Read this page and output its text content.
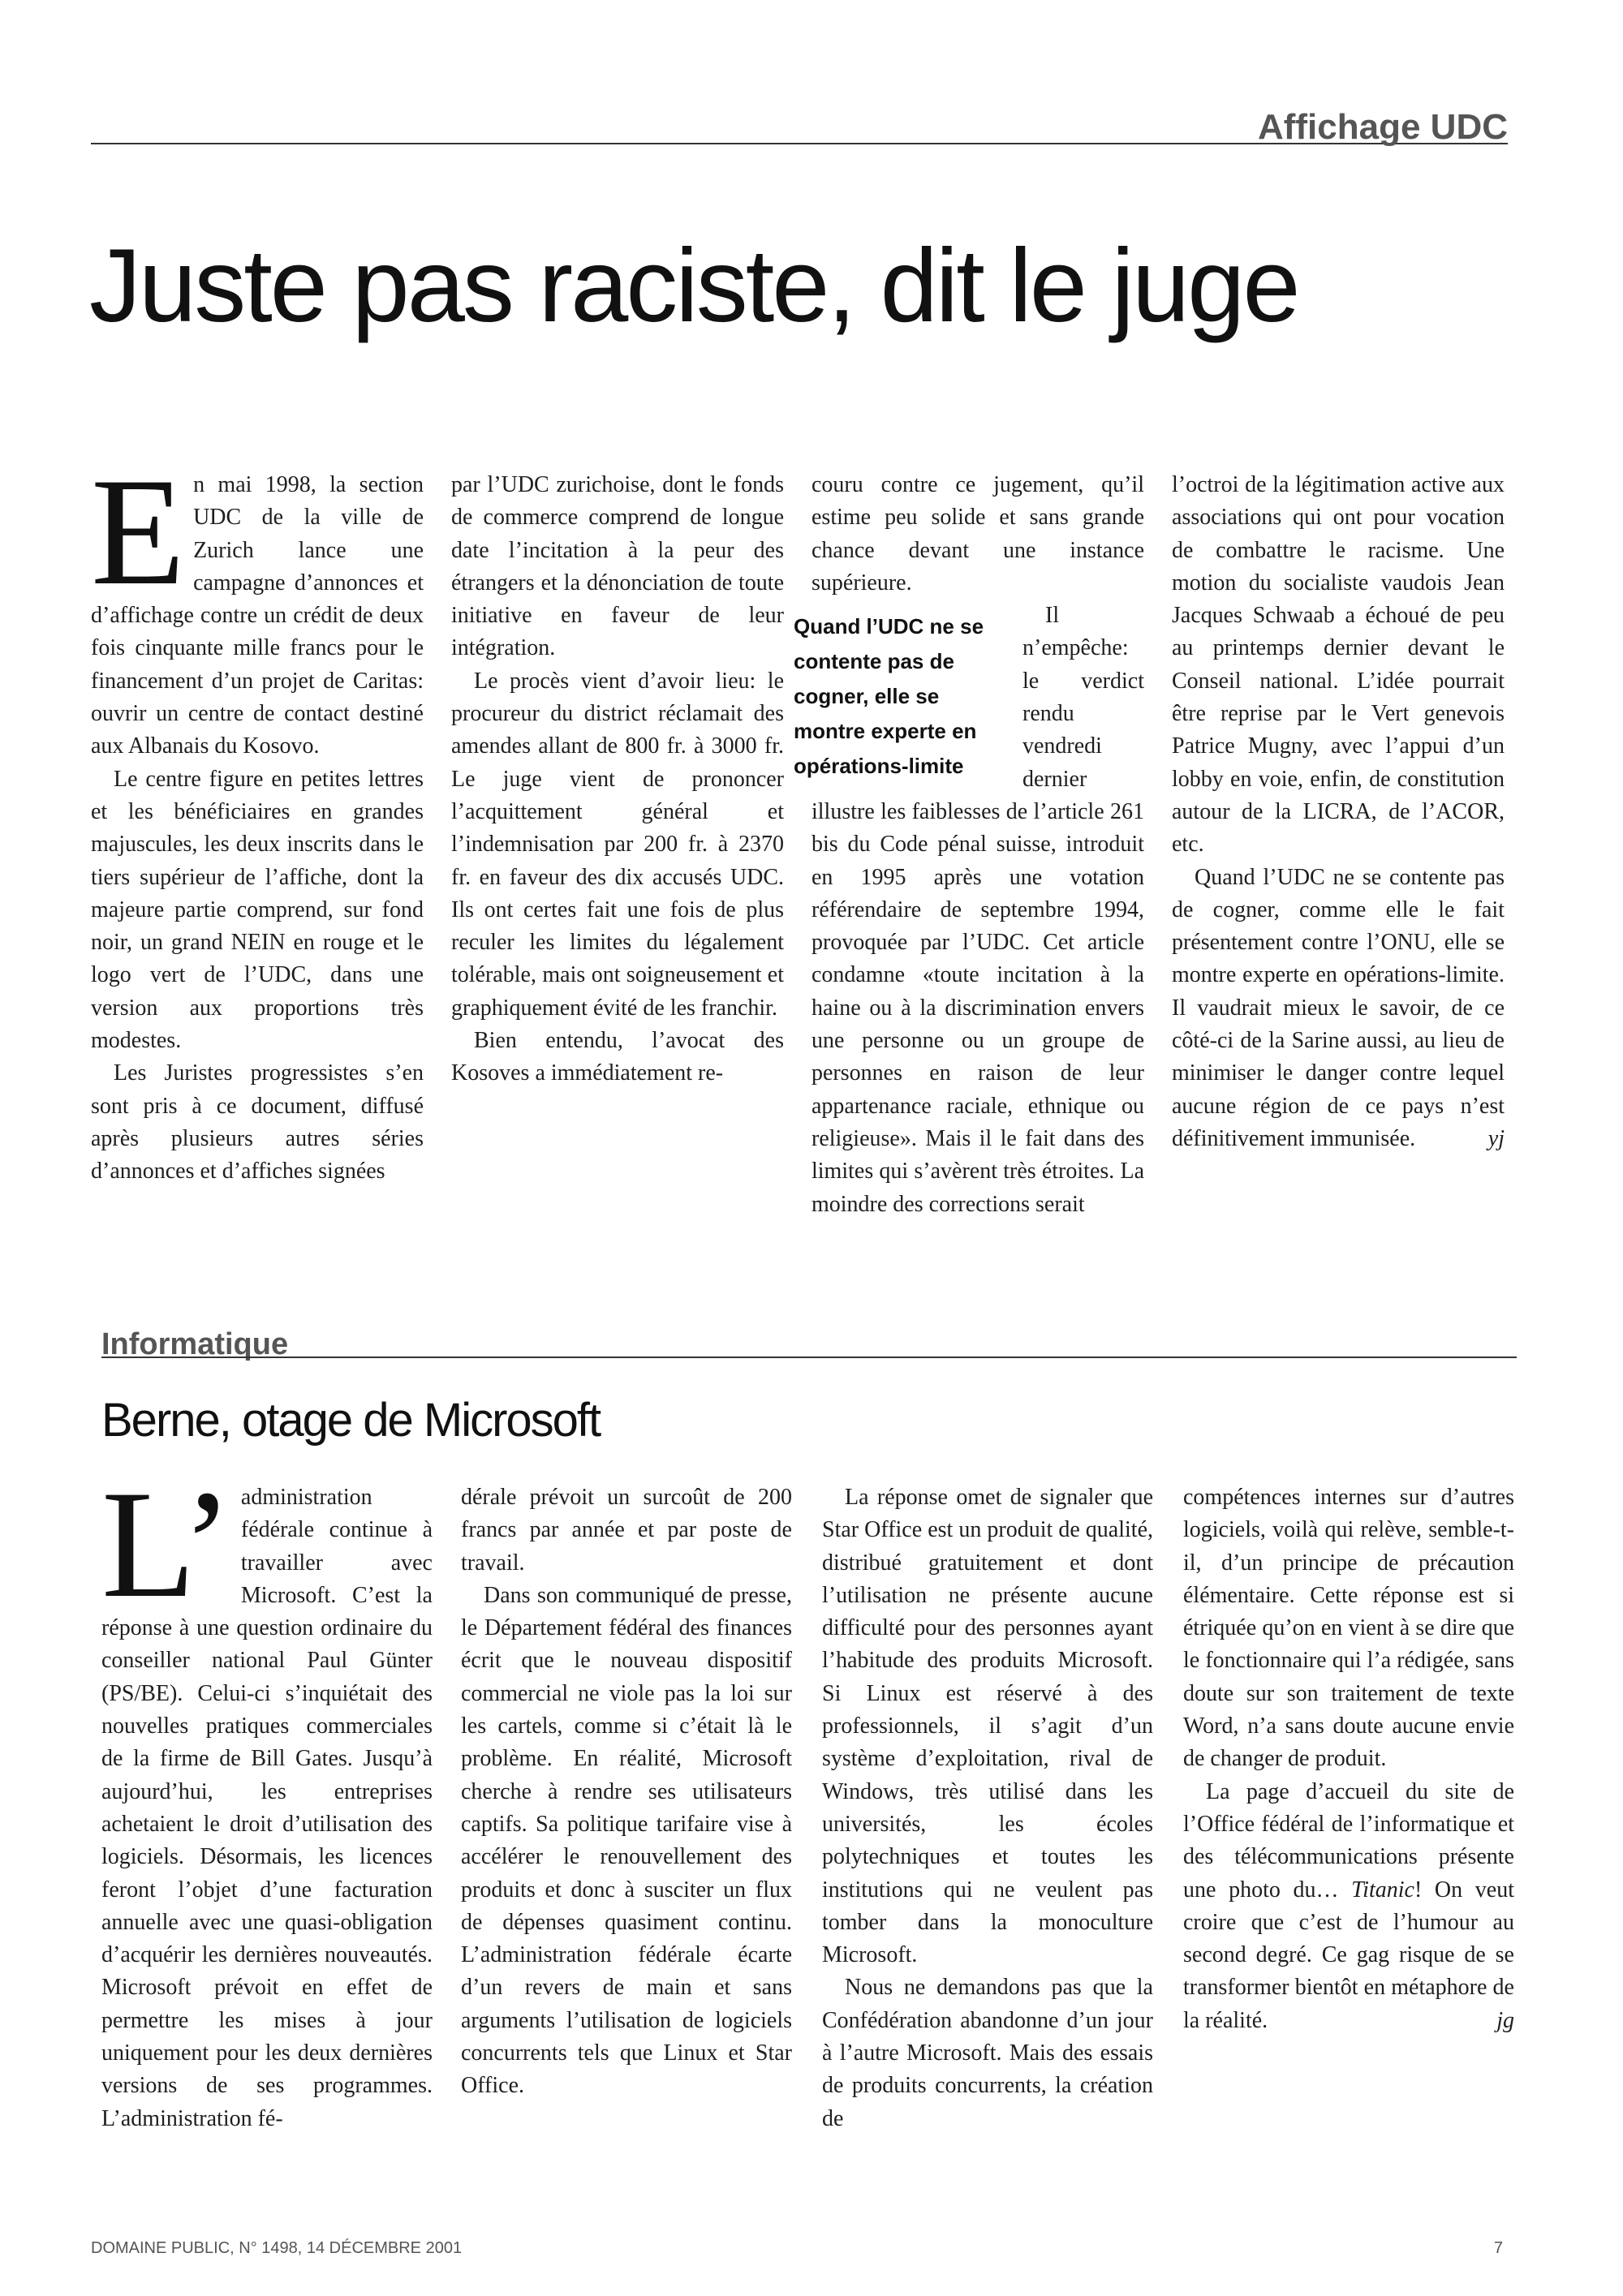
Affichage UDC
Juste pas raciste, dit le juge

En mai 1998, la section UDC de la ville de Zurich lance une campagne d’annonces et d’affichage contre un crédit de deux fois cinquante mille francs pour le financement d’un projet de Caritas: ouvrir un centre de contact destiné aux Albanais du Kosovo.

Le centre figure en petites lettres et les bénéficiaires en grandes majuscules, les deux inscrits dans le tiers supérieur de l’affiche, dont la majeure partie comprend, sur fond noir, un grand NEIN en rouge et le logo vert de l’UDC, dans une version aux proportions très modestes.

Les Juristes progressistes s’en sont pris à ce document, diffusé après plusieurs autres séries d’annonces et d’affiches signées

par l’UDC zurichoise, dont le fonds de commerce comprend de longue date l’incitation à la peur des étrangers et la dénonciation de toute initiative en faveur de leur intégration.

Le procès vient d’avoir lieu: le procureur du district réclamait des amendes allant de 800 fr. à 3000 fr. Le juge vient de prononcer l’acquittement général et l’indemnisation par 200 fr. à 2370 fr. en faveur des dix accusés UDC. Ils ont certes fait une fois de plus reculer les limites du légalement tolérable, mais ont soigneusement et graphiquement évité de les franchir.

Bien entendu, l’avocat des Kosoves a immédiatement re-

couru contre ce jugement, qu’il estime peu solide et sans grande chance devant une instance supérieure.

Quand l’UDC ne se contente pas de cogner, elle se montre experte en opérations-limite

Il n’empêche: le verdict rendu vendredi dernier illustre les faiblesses de l’article 261 bis du Code pénal suisse, introduit en 1995 après une votation référendaire de septembre 1994, provoquée par l’UDC. Cet article condamne «toute incitation à la haine ou à la discrimination envers une personne ou un groupe de personnes en raison de leur appartenance raciale, ethnique ou religieuse». Mais il le fait dans des limites qui s’avèrent très étroites. La moindre des corrections serait

l’octroi de la légitimation active aux associations qui ont pour vocation de combattre le racisme. Une motion du socialiste vaudois Jean Jacques Schwaab a échoué de peu au printemps dernier devant le Conseil national. L’idée pourrait être reprise par le Vert genevois Patrice Mugny, avec l’appui d’un lobby en voie, enfin, de constitution autour de la LICRA, de l’ACOR, etc.

Quand l’UDC ne se contente pas de cogner, comme elle le fait présentement contre l’ONU, elle se montre experte en opérations-limite. Il vaudrait mieux le savoir, de ce côté-ci de la Sarine aussi, au lieu de minimiser le danger contre lequel aucune région de ce pays n’est définitivement immunisée.	yj

Informatique
Berne, otage de Microsoft

L’ administration fédérale continue à travailler avec Microsoft. C’est la réponse à une question ordinaire du conseiller national Paul Günter (PS/BE). Celui-ci s’inquiétait des nouvelles pratiques commerciales de la firme de Bill Gates. Jusqu’à aujourd’hui, les entreprises achetaient le droit d’utilisation des logiciels. Désormais, les licences feront l’objet d’une facturation annuelle avec une quasi-obligation d’acquérir les dernières nouveautés. Microsoft prévoit en effet de permettre les mises à jour uniquement pour les deux dernières versions de ses programmes. L’administration fé-

dérale prévoit un surcoût de 200 francs par année et par poste de travail.

Dans son communiqué de presse, le Département fédéral des finances écrit que le nouveau dispositif commercial ne viole pas la loi sur les cartels, comme si c’était là le problème. En réalité, Microsoft cherche à rendre ses utilisateurs captifs. Sa politique tarifaire vise à accélérer le renouvellement des produits et donc à susciter un flux de dépenses quasiment continu. L’administration fédérale écarte d’un revers de main et sans arguments l’utilisation de logiciels concurrents tels que Linux et Star Office.

La réponse omet de signaler que Star Office est un produit de qualité, distribué gratuitement et dont l’utilisation ne présente aucune difficulté pour des personnes ayant l’habitude des produits Microsoft. Si Linux est réservé à des professionnels, il s’agit d’un système d’exploitation, rival de Windows, très utilisé dans les universités, les écoles polytechniques et toutes les institutions qui ne veulent pas tomber dans la monoculture Microsoft.

Nous ne demandons pas que la Confédération abandonne d’un jour à l’autre Microsoft. Mais des essais de produits concurrents, la création de

compétences internes sur d’autres logiciels, voilà qui relève, semble-t-il, d’un principe de précaution élémentaire. Cette réponse est si étriquée qu’on en vient à se dire que le fonctionnaire qui l’a rédigée, sans doute sur son traitement de texte Word, n’a sans doute aucune envie de changer de produit.

La page d’accueil du site de l’Office fédéral de l’informatique et des télécommunications présente une photo du… Titanic! On veut croire que c’est de l’humour au second degré. Ce gag risque de se transformer bientôt en métaphore de la réalité.	jg

DOMAINE PUBLIC, N° 1498, 14 DÉCEMBRE 2001	7
